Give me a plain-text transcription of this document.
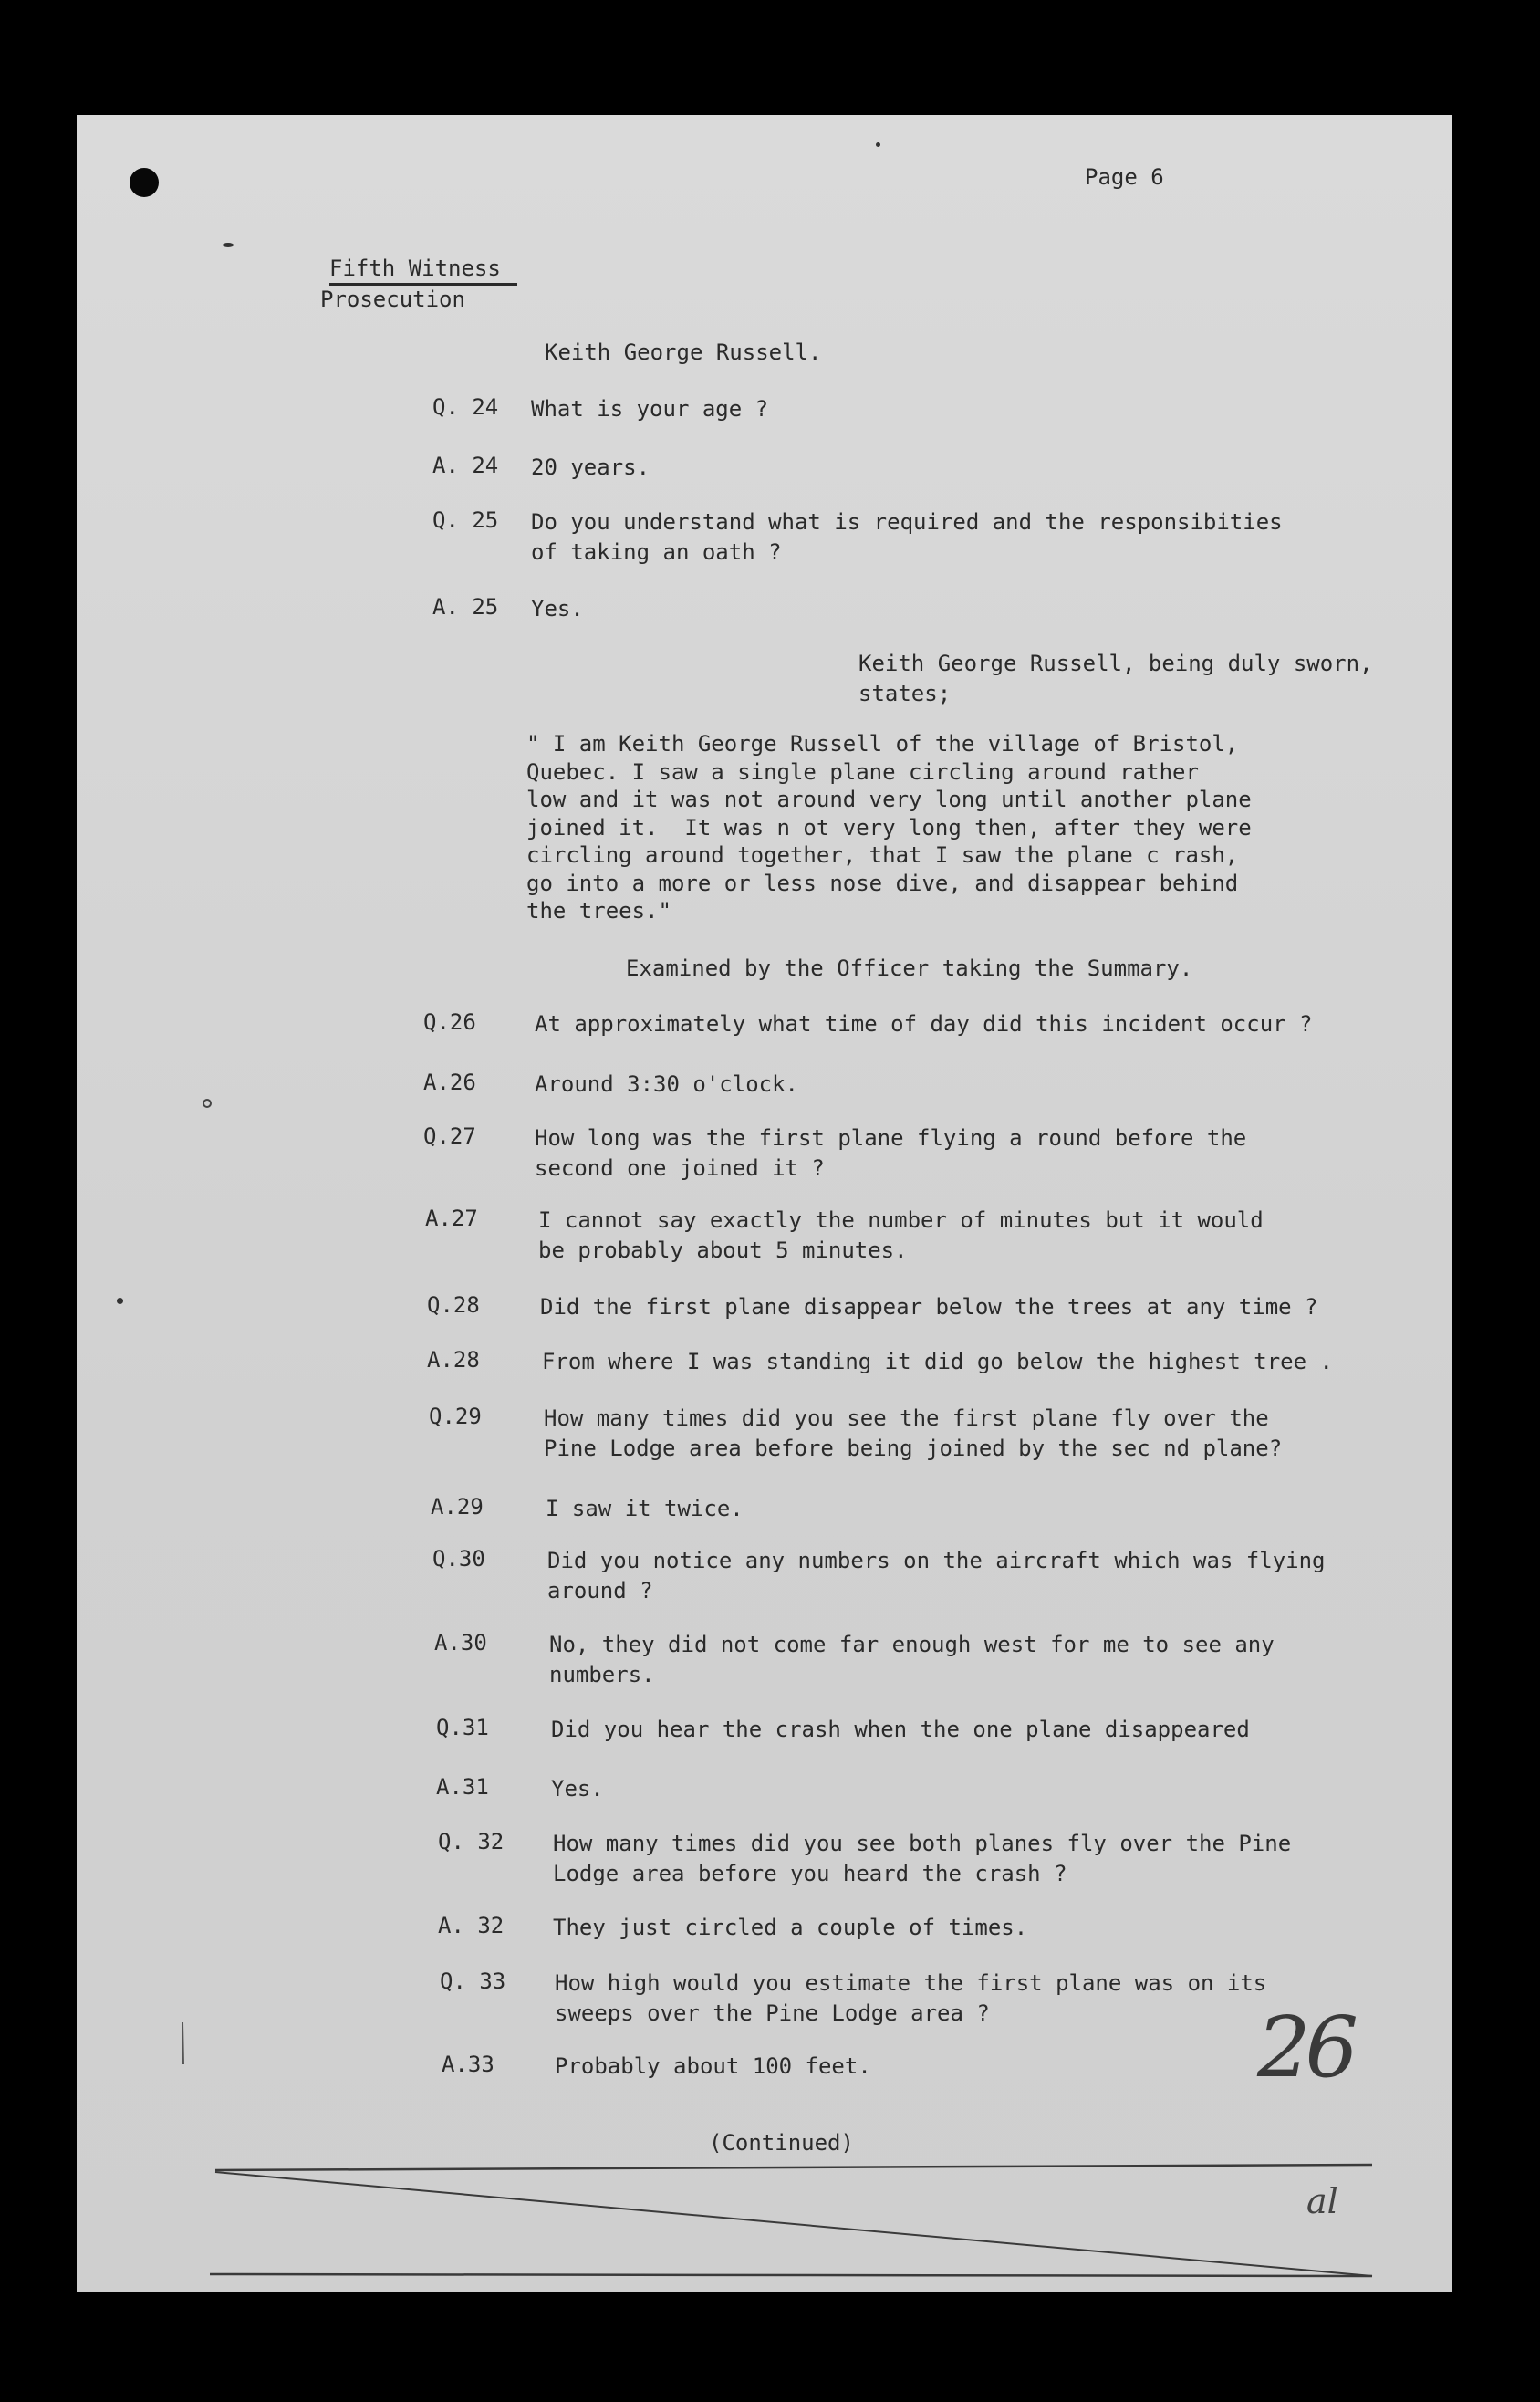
Page 6
Fifth Witness
Prosecution
Keith George Russell.
Q. 24 What is your age ?
A. 24 20 years.
Q. 25 Do you understand what is required and the responsibities
of taking an oath ?
A. 25 Yes.
Keith George Russell, being duly sworn,
states;
" I am Keith George Russell of the village of Bristol,
Quebec. I saw a single plane circling around rather
low and it was not around very long until another plane
joined it.  It was n ot very long then, after they were
circling around together, that I saw the plane c rash,
go into a more or less nose dive, and disappear behind
the trees."
Examined by the Officer taking the Summary.
Q.26	At approximately what time of day did this incident occur ?
A.26	Around 3:30 o'clock.
Q.27	How long was the first plane flying a round before the
second one joined it ?
A.27	I cannot say exactly the number of minutes but it would
be probably about 5 minutes.
Q.28	Did the first plane disappear below the trees at any time ?
A.28	From where I was standing it did go below the highest tree .
Q.29	How many times did you see the first plane fly over the
Pine Lodge area before being joined by the sec nd plane?
A.29	I saw it twice.
Q.30	Did you notice any numbers on the aircraft which was flying
around ?
A.30	No, they did not come far enough west for me to see any
numbers.
Q.31	Did you hear the crash when the one plane disappeared
A.31	Yes.
Q. 32 How many times did you see both planes fly over the Pine
Lodge area before you heard the crash ?
A. 32 They just circled a couple of times.
Q. 33 How high would you estimate the first plane was on its
sweeps over the Pine Lodge area ?
A.33	Probably about 100 feet.
(Continued)
26
al
